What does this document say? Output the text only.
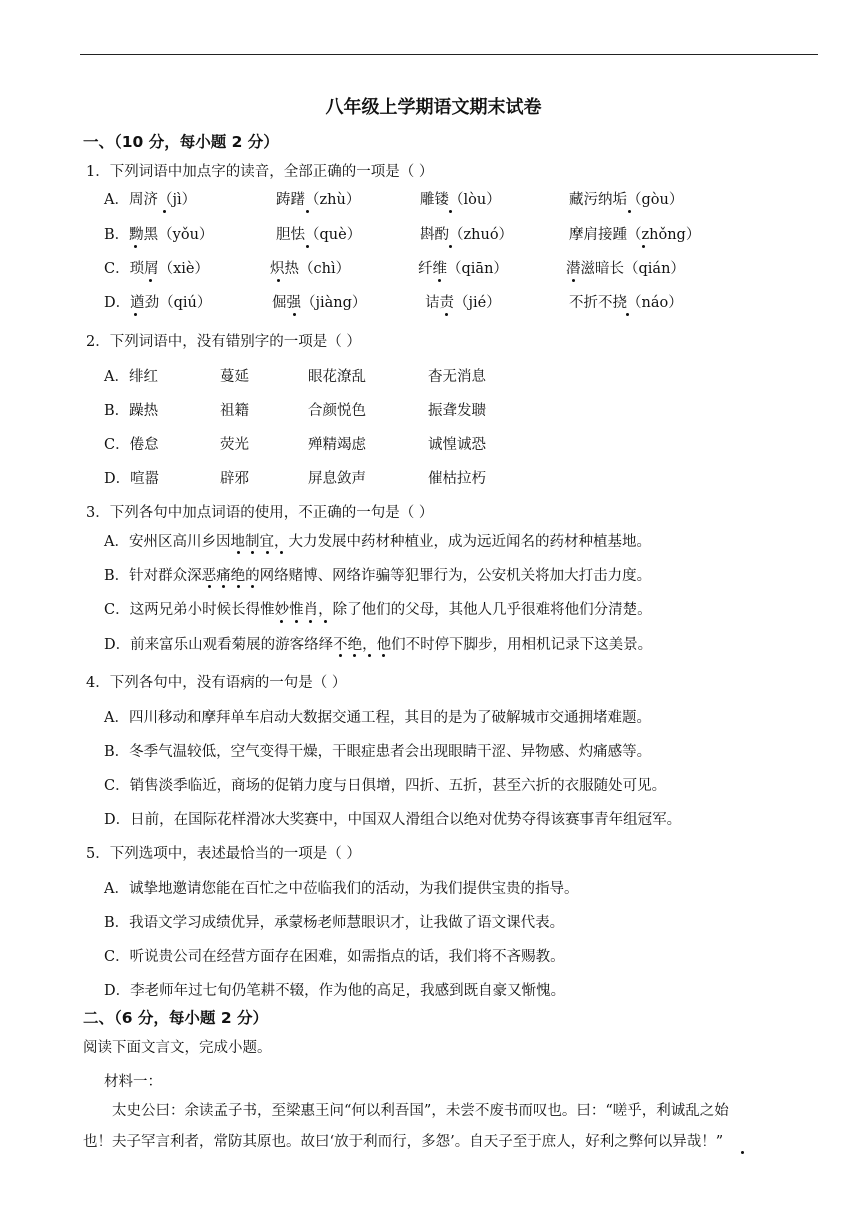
八年级上学期语文期末试卷
一、（10 分，每小题 2 分）
1．下列词语中加点字的读音，全部正确的一项是（ ）
A．周济（jì）	踌躇（zhù）	雕镂（lòu）	藏污纳垢（gòu）
B．黝黑（yǒu）	胆怯（què）	斟酌（zhuó）	摩肩接踵（zhǒng）
C．琐屑（xiè）	炽热（chì）	纤维（qiān）	潜滋暗长（qián）
D．遒劲（qiú）	倔强（jiàng）	诘责（jié）	不折不挠（náo）
2．下列词语中，没有错别字的一项是（ ）
A．绯红	蔓延	眼花潦乱	杳无消息
B．躁热	祖籍	合颜悦色	振聋发聩
C．倦怠	荧光	殚精竭虑	诚惶诚恐
D．喧嚣	辟邪	屏息敛声	催枯拉朽
3．下列各句中加点词语的使用，不正确的一句是（ ）
A．安州区高川乡因地制宜，大力发展中药材种植业，成为远近闻名的药材种植基地。
B．针对群众深恶痛绝的网络赌博、网络诈骗等犯罪行为，公安机关将加大打击力度。
C．这两兄弟小时候长得惟妙惟肖，除了他们的父母，其他人几乎很难将他们分清楚。
D．前来富乐山观看菊展的游客络绎不绝，他们不时停下脚步，用相机记录下这美景。
4．下列各句中，没有语病的一句是（ ）
A．四川移动和摩拜单车启动大数据交通工程，其目的是为了破解城市交通拥堵难题。
B．冬季气温较低，空气变得干燥，干眼症患者会出现眼睛干涩、异物感、灼痛感等。
C．销售淡季临近，商场的促销力度与日俱增，四折、五折，甚至六折的衣服随处可见。
D．日前，在国际花样滑冰大奖赛中，中国双人滑组合以绝对优势夺得该赛事青年组冠军。
5．下列选项中，表述最恰当的一项是（ ）
A．诚挚地邀请您能在百忙之中莅临我们的活动，为我们提供宝贵的指导。
B．我语文学习成绩优异，承蒙杨老师慧眼识才，让我做了语文课代表。
C．听说贵公司在经营方面存在困难，如需指点的话，我们将不吝赐教。
D．李老师年过七旬仍笔耕不辍，作为他的高足，我感到既自豪又惭愧。
二、（6 分，每小题 2 分）
阅读下面文言文，完成小题。
材料一：
太史公曰：余读孟子书，至梁惠王问“何以利吾国”，未尝不废书而叹也。曰：“嗟乎，利诚乱之始
也！夫子罕言利者，常防其原也。故曰‘放于利而行，多怨’。自天子至于庶人，好利之弊何以异哉！”
